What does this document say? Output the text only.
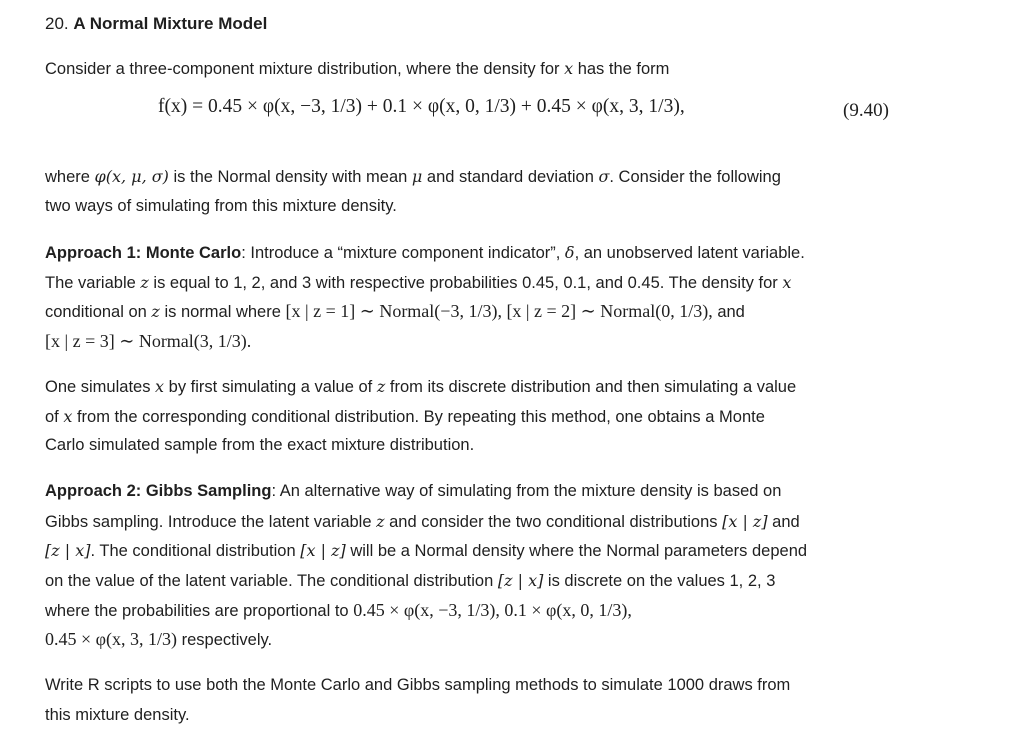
20. A Normal Mixture Model
Consider a three-component mixture distribution, where the density for x has the form
f(x) = 0.45 × φ(x, −3, 1/3) + 0.1 × φ(x, 0, 1/3) + 0.45 × φ(x, 3, 1/3),	(9.40)
where φ(x, μ, σ) is the Normal density with mean μ and standard deviation σ. Consider the following
two ways of simulating from this mixture density.
Approach 1: Monte Carlo: Introduce a “mixture component indicator”, δ, an unobserved latent variable.
The variable z is equal to 1, 2, and 3 with respective probabilities 0.45, 0.1, and 0.45. The density for x
conditional on z is normal where [x | z = 1] ∼ Normal(−3, 1/3), [x | z = 2] ∼ Normal(0, 1/3), and
[x | z = 3] ∼ Normal(3, 1/3).
One simulates x by first simulating a value of z from its discrete distribution and then simulating a value
of x from the corresponding conditional distribution. By repeating this method, one obtains a Monte
Carlo simulated sample from the exact mixture distribution.
Approach 2: Gibbs Sampling: An alternative way of simulating from the mixture density is based on
Gibbs sampling. Introduce the latent variable z and consider the two conditional distributions [x | z] and
[z | x]. The conditional distribution [x | z] will be a Normal density where the Normal parameters depend
on the value of the latent variable. The conditional distribution [z | x] is discrete on the values 1, 2, 3
where the probabilities are proportional to 0.45 × φ(x, −3, 1/3), 0.1 × φ(x, 0, 1/3),
0.45 × φ(x, 3, 1/3) respectively.
Write R scripts to use both the Monte Carlo and Gibbs sampling methods to simulate 1000 draws from
this mixture density.
